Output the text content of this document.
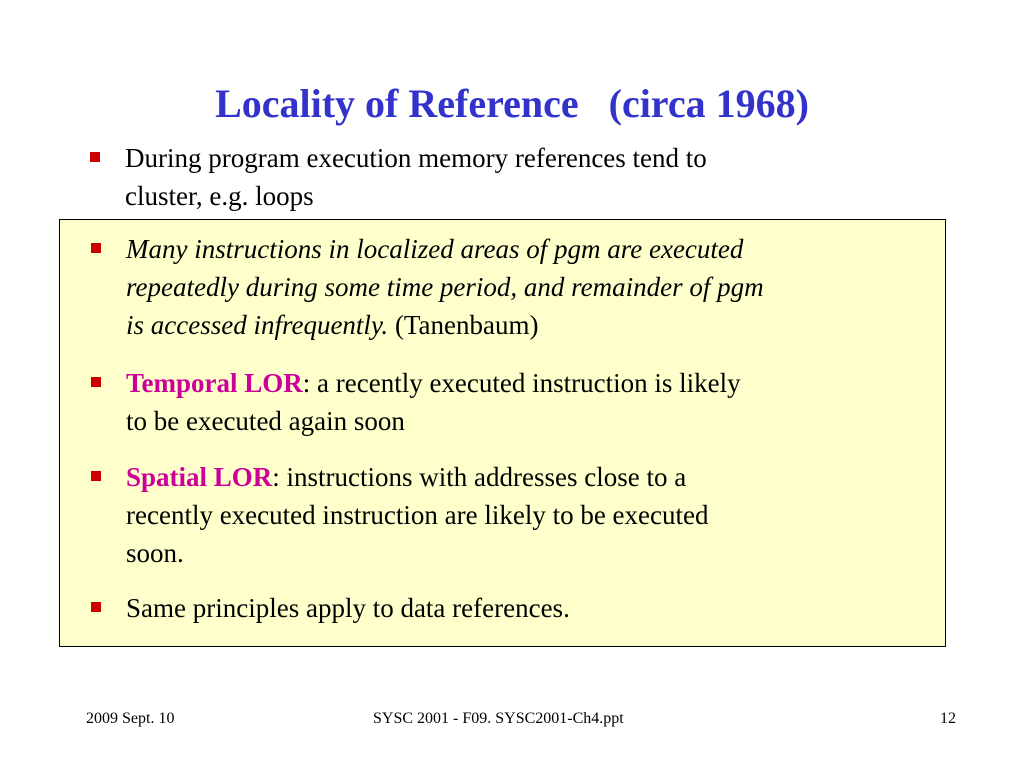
Locality of Reference   (circa 1968)
During program execution memory references tend to
cluster, e.g. loops
Many instructions in localized areas of pgm are executed
repeatedly during some time period, and remainder of pgm
is accessed infrequently. (Tanenbaum)
Temporal LOR: a recently executed instruction is likely
to be executed again soon
Spatial LOR: instructions with addresses close to a
recently executed instruction are likely to be executed
soon.
Same principles apply to data references.
2009 Sept. 10	SYSC 2001 - F09. SYSC2001-Ch4.ppt	12
